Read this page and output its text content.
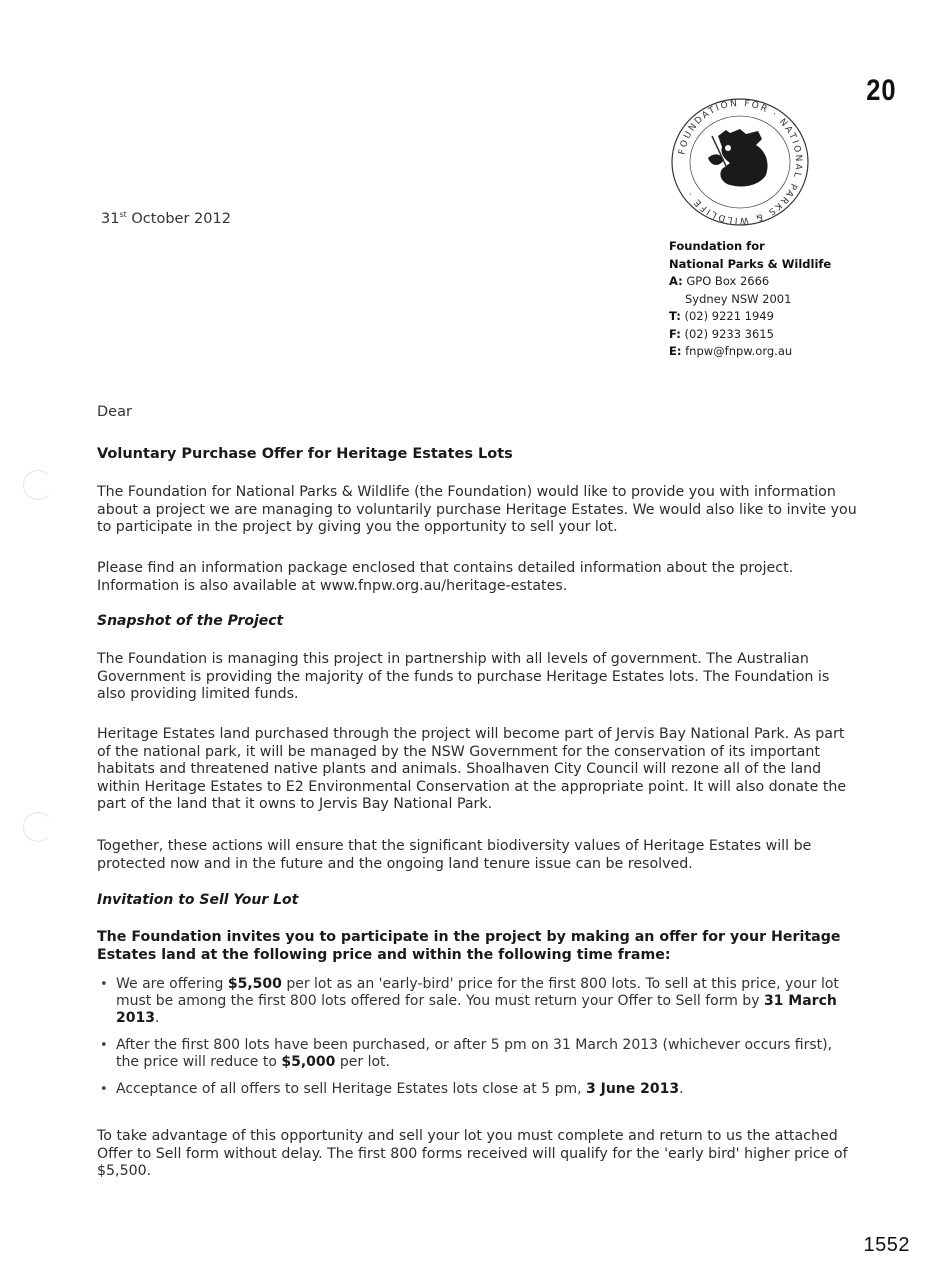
20
FOUNDATION FOR · NATIONAL PARKS & WILDLIFE ·
Foundation for
National Parks & Wildlife
A: GPO Box 2666
Sydney NSW 2001
T: (02) 9221 1949
F: (02) 9233 3615
E: fnpw@fnpw.org.au
31st October 2012
Dear
Voluntary Purchase Offer for Heritage Estates Lots
The Foundation for National Parks & Wildlife (the Foundation) would like to provide you with information about a project we are managing to voluntarily purchase Heritage Estates. We would also like to invite you to participate in the project by giving you the opportunity to sell your lot.
Please find an information package enclosed that contains detailed information about the project. Information is also available at www.fnpw.org.au/heritage-estates.
Snapshot of the Project
The Foundation is managing this project in partnership with all levels of government. The Australian Government is providing the majority of the funds to purchase Heritage Estates lots. The Foundation is also providing limited funds.
Heritage Estates land purchased through the project will become part of Jervis Bay National Park. As part of the national park, it will be managed by the NSW Government for the conservation of its important habitats and threatened native plants and animals. Shoalhaven City Council will rezone all of the land within Heritage Estates to E2 Environmental Conservation at the appropriate point. It will also donate the part of the land that it owns to Jervis Bay National Park.
Together, these actions will ensure that the significant biodiversity values of Heritage Estates will be protected now and in the future and the ongoing land tenure issue can be resolved.
Invitation to Sell Your Lot
The Foundation invites you to participate in the project by making an offer for your Heritage Estates land at the following price and within the following time frame:
• We are offering $5,500 per lot as an 'early-bird' price for the first 800 lots. To sell at this price, your lot must be among the first 800 lots offered for sale. You must return your Offer to Sell form by 31 March 2013.
• After the first 800 lots have been purchased, or after 5 pm on 31 March 2013 (whichever occurs first), the price will reduce to $5,000 per lot.
• Acceptance of all offers to sell Heritage Estates lots close at 5 pm, 3 June 2013.
To take advantage of this opportunity and sell your lot you must complete and return to us the attached Offer to Sell form without delay. The first 800 forms received will qualify for the 'early bird' higher price of $5,500.
1552
